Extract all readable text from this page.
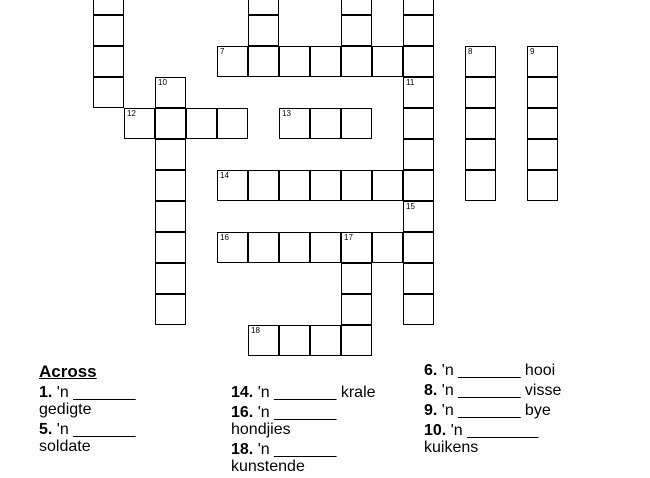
7	8	9
10	11
12	13
14
15
16	17
18
Across
1. 'n _______
gedigte
5. 'n _______
soldate
14. 'n _______ krale
16. 'n _______
hondjies
18. 'n _______
kunstende
6. 'n _______ hooi
8. 'n _______ visse
9. 'n _______ bye
10. 'n ________
kuikens
